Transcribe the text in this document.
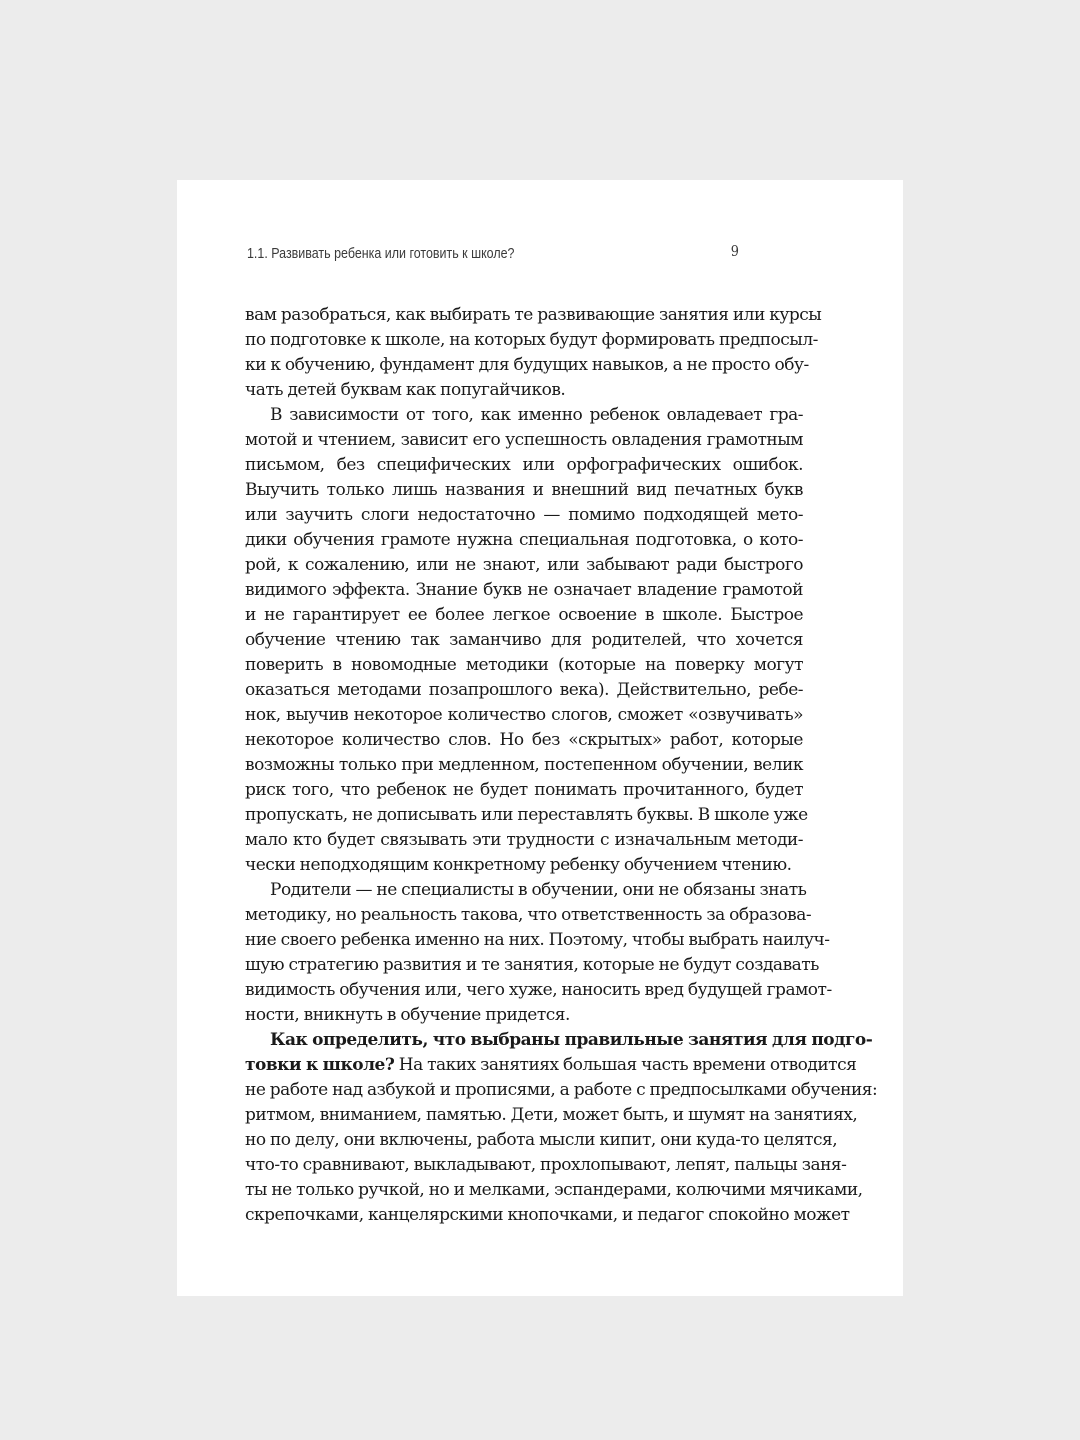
1.1. Развивать ребенка или готовить к школе?	9
вам разобраться, как выбирать те развивающие занятия или курсы
по подготовке к школе, на которых будут формировать предпосыл-
ки к обучению, фундамент для будущих навыков, а не просто обу-
чать детей буквам как попугайчиков.
В зависимости от того, как именно ребенок овладевает гра-
мотой и чтением, зависит его успешность овладения грамотным
письмом, без специфических или орфографических ошибок.
Выучить только лишь названия и внешний вид печатных букв
или заучить слоги недостаточно — помимо подходящей мето-
дики обучения грамоте нужна специальная подготовка, о кото-
рой, к сожалению, или не знают, или забывают ради быстрого
видимого эффекта. Знание букв не означает владение грамотой
и не гарантирует ее более легкое освоение в школе. Быстрое
обучение чтению так заманчиво для родителей, что хочется
поверить в новомодные методики (которые на поверку могут
оказаться методами позапрошлого века). Действительно, ребе-
нок, выучив некоторое количество слогов, сможет «озвучивать»
некоторое количество слов. Но без «скрытых» работ, которые
возможны только при медленном, постепенном обучении, велик
риск того, что ребенок не будет понимать прочитанного, будет
пропускать, не дописывать или переставлять буквы. В школе уже
мало кто будет связывать эти трудности с изначальным методи-
чески неподходящим конкретному ребенку обучением чтению.
Родители — не специалисты в обучении, они не обязаны знать
методику, но реальность такова, что ответственность за образова-
ние своего ребенка именно на них. Поэтому, чтобы выбрать наилуч-
шую стратегию развития и те занятия, которые не будут создавать
видимость обучения или, чего хуже, наносить вред будущей грамот-
ности, вникнуть в обучение придется.
Как определить, что выбраны правильные занятия для подго-
товки к школе? На таких занятиях большая часть времени отводится
не работе над азбукой и прописями, а работе с предпосылками обучения:
ритмом, вниманием, памятью. Дети, может быть, и шумят на занятиях,
но по делу, они включены, работа мысли кипит, они куда-то целятся,
что-то сравнивают, выкладывают, прохлопывают, лепят, пальцы заня-
ты не только ручкой, но и мелками, эспандерами, колючими мячиками,
скрепочками, канцелярскими кнопочками, и педагог спокойно может
